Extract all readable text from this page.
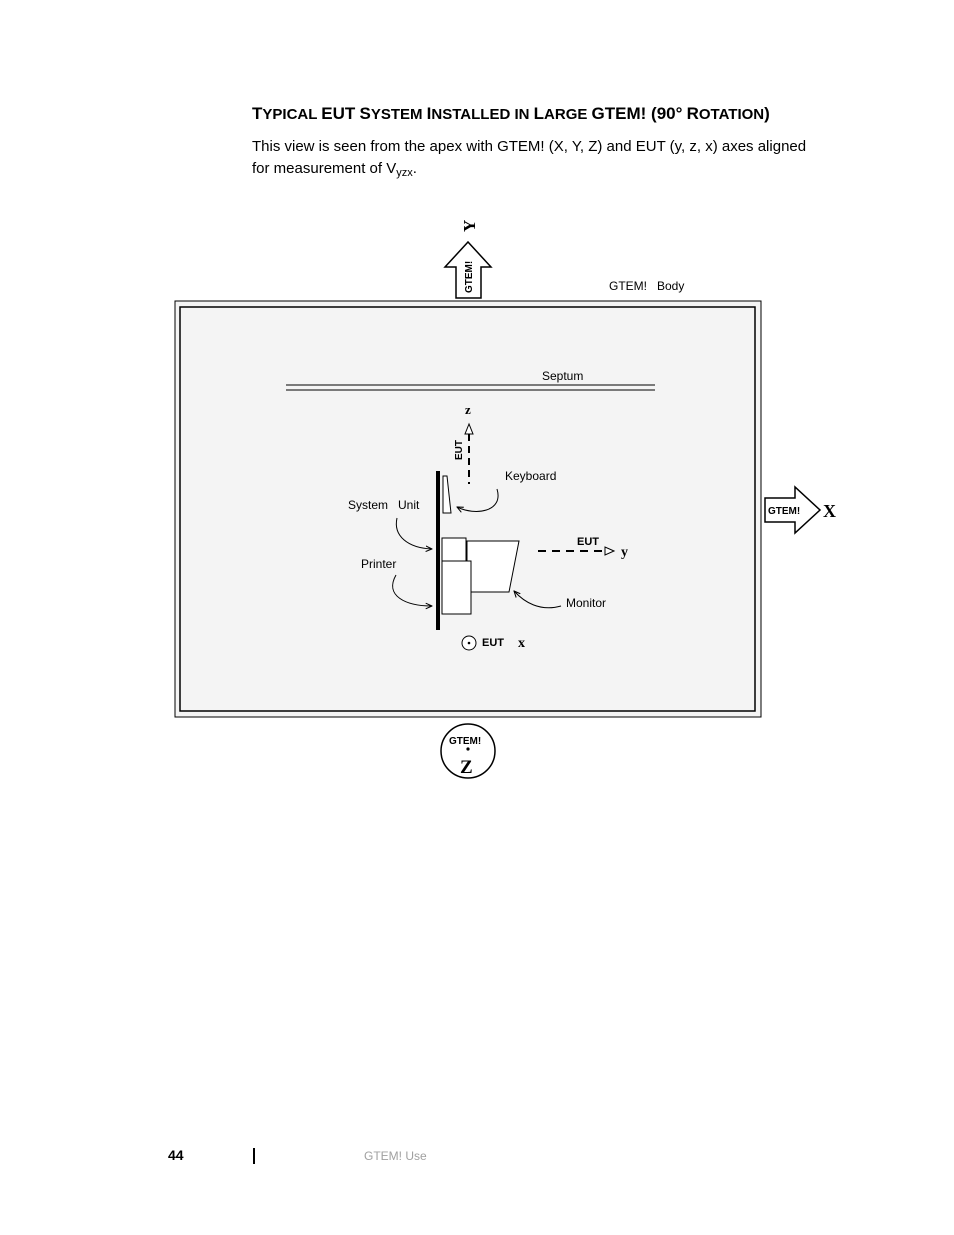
TYPICAL EUT SYSTEM INSTALLED IN LARGE GTEM! (90° ROTATION)

This view is seen from the apex with GTEM! (X, Y, Z) and EUT (y, z, x) axes aligned for measurement of $V_{yzx}$.

GTEM!   Body
GTEM!
Y
GTEM! X
GTEM!
Z
Septum
z
EUT
Keyboard
System   Unit
Printer
Monitor
EUT
y
EUT x
44	GTEM! Use
